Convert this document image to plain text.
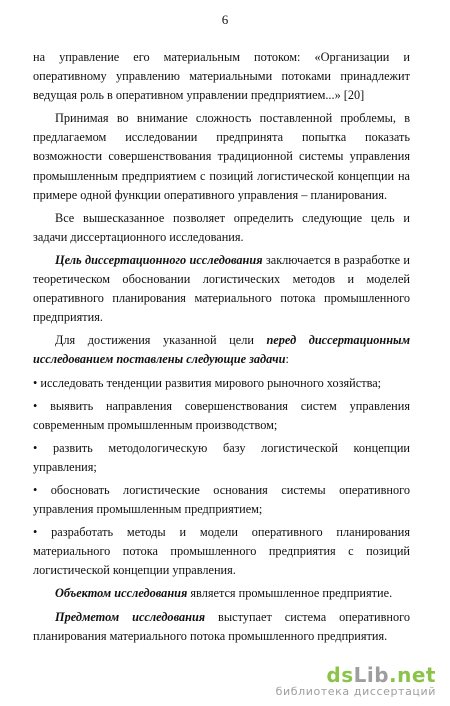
6

на управление его материальным потоком: «Организации и оперативному управлению материальными потоками принадлежит ведущая роль в оперативном управлении предприятием...» [20]

Принимая во внимание сложность поставленной проблемы, в предлагаемом исследовании предпринята попытка показать возможности совершенствования традиционной системы управления промышленным предприятием с позиций логистической концепции на примере одной функции оперативного управления – планирования.

Все вышесказанное позволяет определить следующие цель и задачи диссертационного исследования.

Цель диссертационного исследования заключается в разработке и теоретическом обосновании логистических методов и моделей оперативного планирования материального потока промышленного предприятия.

Для достижения указанной цели перед диссертационным исследованием поставлены следующие задачи:

• исследовать тенденции развития мирового рыночного хозяйства;

• выявить направления совершенствования систем управления современным промышленным производством;

• развить методологическую базу логистической концепции управления;

• обосновать логистические основания системы оперативного управления промышленным предприятием;

• разработать методы и модели оперативного планирования материального потока промышленного предприятия с позиций логистической концепции управления.

Объектом исследования является промышленное предприятие.

Предметом исследования выступает система оперативного планирования материального потока промышленного предприятия.

dsLib.net
библиотека диссертаций
